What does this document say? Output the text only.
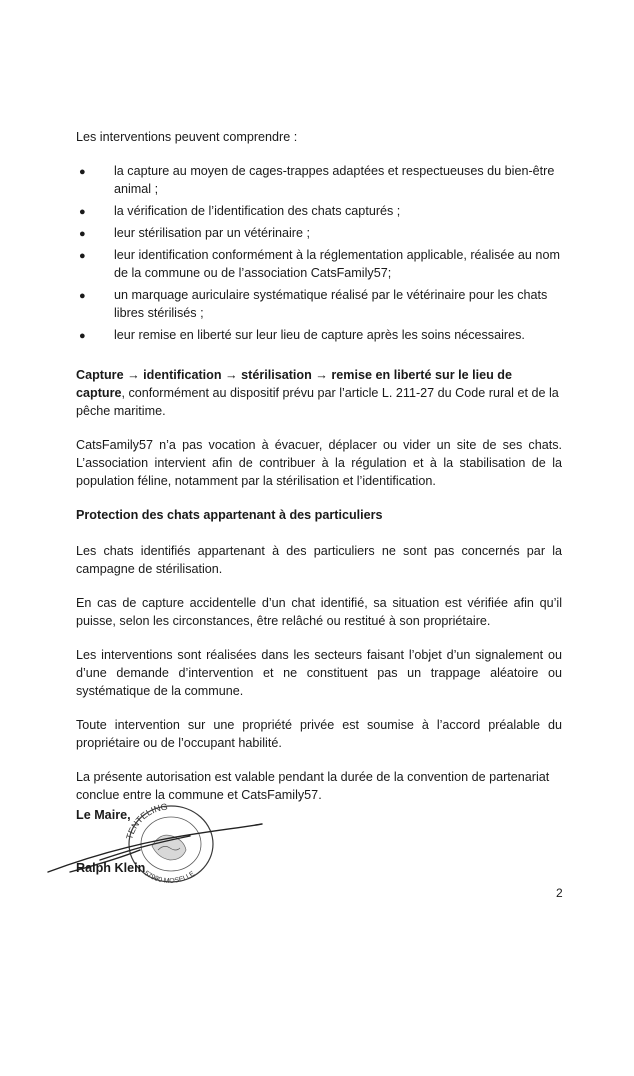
Les interventions peuvent comprendre :

● la capture au moyen de cages-trappes adaptées et respectueuses du bien-être animal ;
● la vérification de l’identification des chats capturés ;
● leur stérilisation par un vétérinaire ;
● leur identification conformément à la réglementation applicable, réalisée au nom de la commune ou de l’association CatsFamily57;
● un marquage auriculaire systématique réalisé par le vétérinaire pour les chats libres stérilisés ;
● leur remise en liberté sur leur lieu de capture après les soins nécessaires.

Capture → identification → stérilisation → remise en liberté sur le lieu de capture, conformément au dispositif prévu par l’article L. 211-27 du Code rural et de la pêche maritime.

CatsFamily57 n’a pas vocation à évacuer, déplacer ou vider un site de ses chats. L’association intervient afin de contribuer à la régulation et à la stabilisation de la population féline, notamment par la stérilisation et l’identification.

Protection des chats appartenant à des particuliers

Les chats identifiés appartenant à des particuliers ne sont pas concernés par la campagne de stérilisation.

En cas de capture accidentelle d’un chat identifié, sa situation est vérifiée afin qu’il puisse, selon les circonstances, être relâché ou restitué à son propriétaire.

Les interventions sont réalisées dans les secteurs faisant l’objet d’un signalement ou d’une demande d’intervention et ne constituent pas un trappage aléatoire ou systématique de la commune.

Toute intervention sur une propriété privée est soumise à l’accord préalable du propriétaire ou de l’occupant habilité.

La présente autorisation est valable pendant la durée de la convention de partenariat conclue entre la commune et CatsFamily57.

TENTELING
57980 MOSELLE
Le Maire,
Ralph Klein
2
